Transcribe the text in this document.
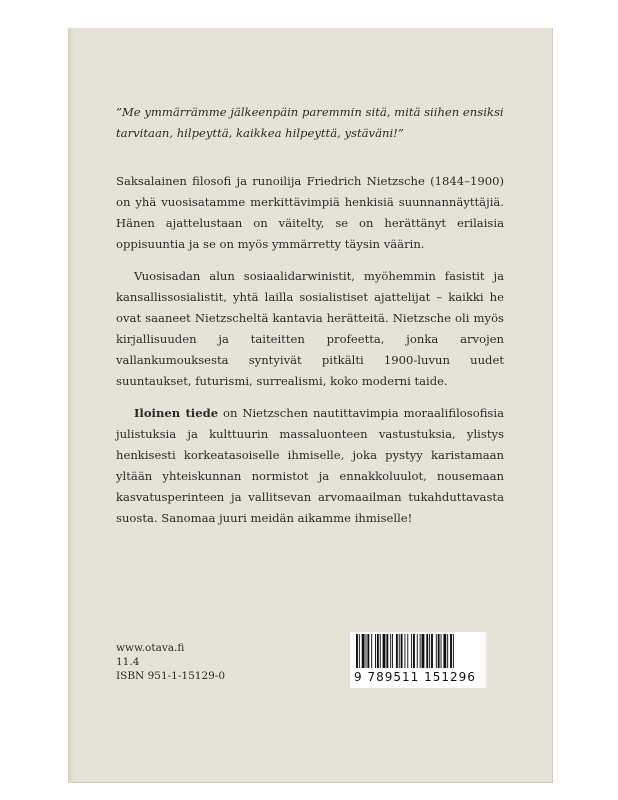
”Me ymmärrämme jälkeenpäin paremmin sitä, mitä siihen ensiksi tarvitaan, hilpeyttä, kaikkea hilpeyttä, ystäväni!”

Saksalainen filosofi ja runoilija Friedrich Nietzsche (1844–1900) on yhä vuosisatamme merkittävimpiä henkisiä suunnannäyttäjiä. Hänen ajattelustaan on väitelty, se on herättänyt erilaisia oppisuuntia ja se on myös ymmärretty täysin väärin.

Vuosisadan alun sosiaalidarwinistit, myöhemmin fasistit ja kansallissosialistit, yhtä lailla sosialistiset ajattelijat – kaikki he ovat saaneet Nietzscheltä kantavia herätteitä. Nietzsche oli myös kirjallisuuden ja taiteitten profeetta, jonka arvojen vallankumouksesta syntyivät pitkälti 1900-luvun uudet suuntaukset, futurismi, surrealismi, koko moderni taide.

Iloinen tiede on Nietzschen nautittavimpia moraalifilosofisia julistuksia ja kulttuurin massaluonteen vastustuksia, ylistys henkisesti korkeatasoiselle ihmiselle, joka pystyy karistamaan yltään yhteiskunnan normistot ja ennakkoluulot, nousemaan kasvatusperinteen ja vallitsevan arvomaailman tukahduttavasta suosta. Sanomaa juuri meidän aikamme ihmiselle!

www.otava.fi
11.4
ISBN 951-1-15129-0	9 789511 151296
